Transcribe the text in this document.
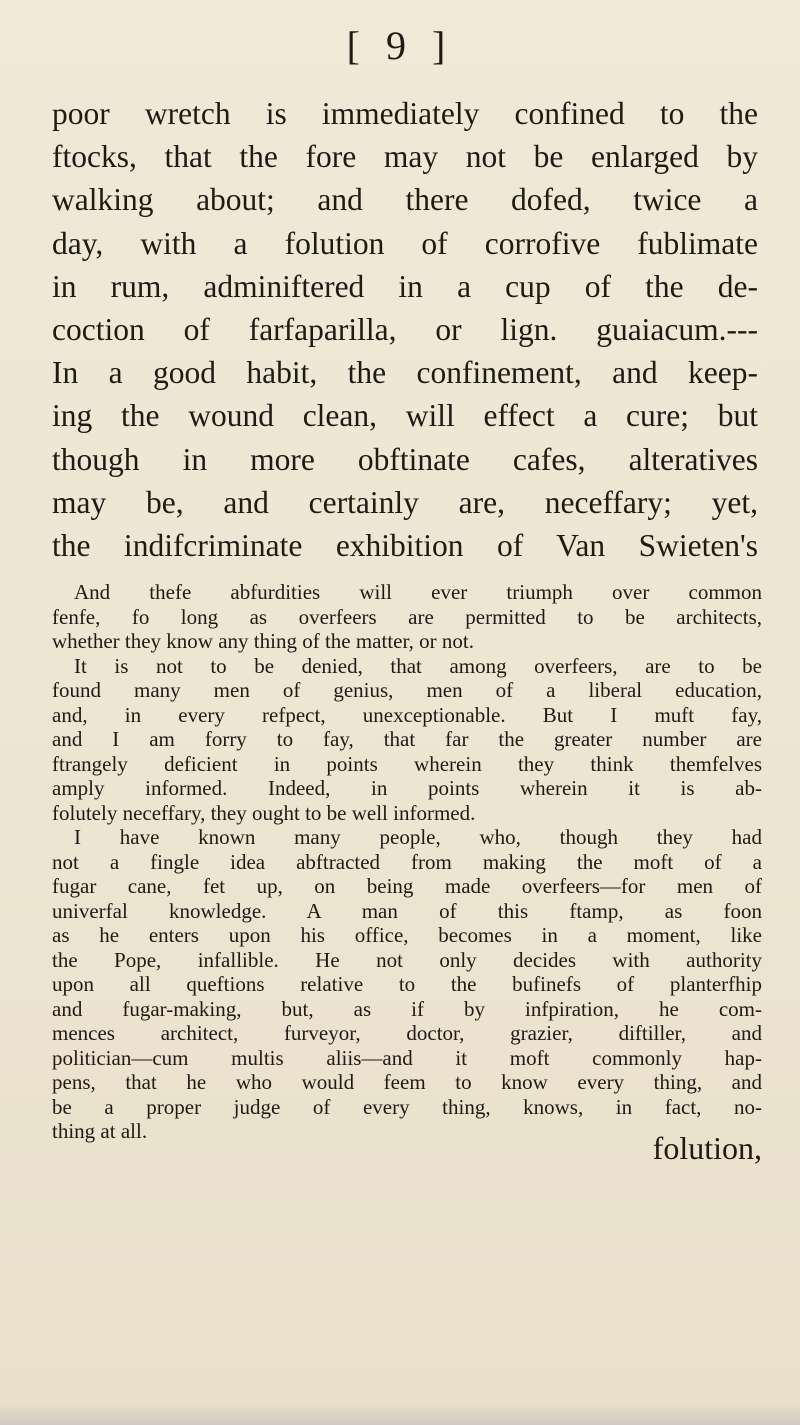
[ 9 ]
poor wretch is immediately confined to the
ftocks, that the fore may not be enlarged by
walking about; and there dofed, twice a
day, with a folution of corrofive fublimate
in rum, adminiftered in a cup of the de-
coction of farfaparilla, or lign. guaiacum.---
In a good habit, the confinement, and keep-
ing the wound clean, will effect a cure; but
though in more obftinate cafes, alteratives
may be, and certainly are, neceffary; yet,
the indifcriminate exhibition of Van Swieten's
And thefe abfurdities will ever triumph over common
fenfe, fo long as overfeers are permitted to be architects,
whether they know any thing of the matter, or not.
It is not to be denied, that among overfeers, are to be
found many men of genius, men of a liberal education,
and, in every refpect, unexceptionable. But I muft fay,
and I am forry to fay, that far the greater number are
ftrangely deficient in points wherein they think themfelves
amply informed. Indeed, in points wherein it is ab-
folutely neceffary, they ought to be well informed.
I have known many people, who, though they had
not a fingle idea abftracted from making the moft of a
fugar cane, fet up, on being made overfeers—for men of
univerfal knowledge. A man of this ftamp, as foon
as he enters upon his office, becomes in a moment, like
the Pope, infallible. He not only decides with authority
upon all queftions relative to the bufinefs of planterfhip
and fugar-making, but, as if by infpiration, he com-
mences architect, furveyor, doctor, grazier, diftiller, and
politician—cum multis aliis—and it moft commonly hap-
pens, that he who would feem to know every thing, and
be a proper judge of every thing, knows, in fact, no-
thing at all.	folution,
